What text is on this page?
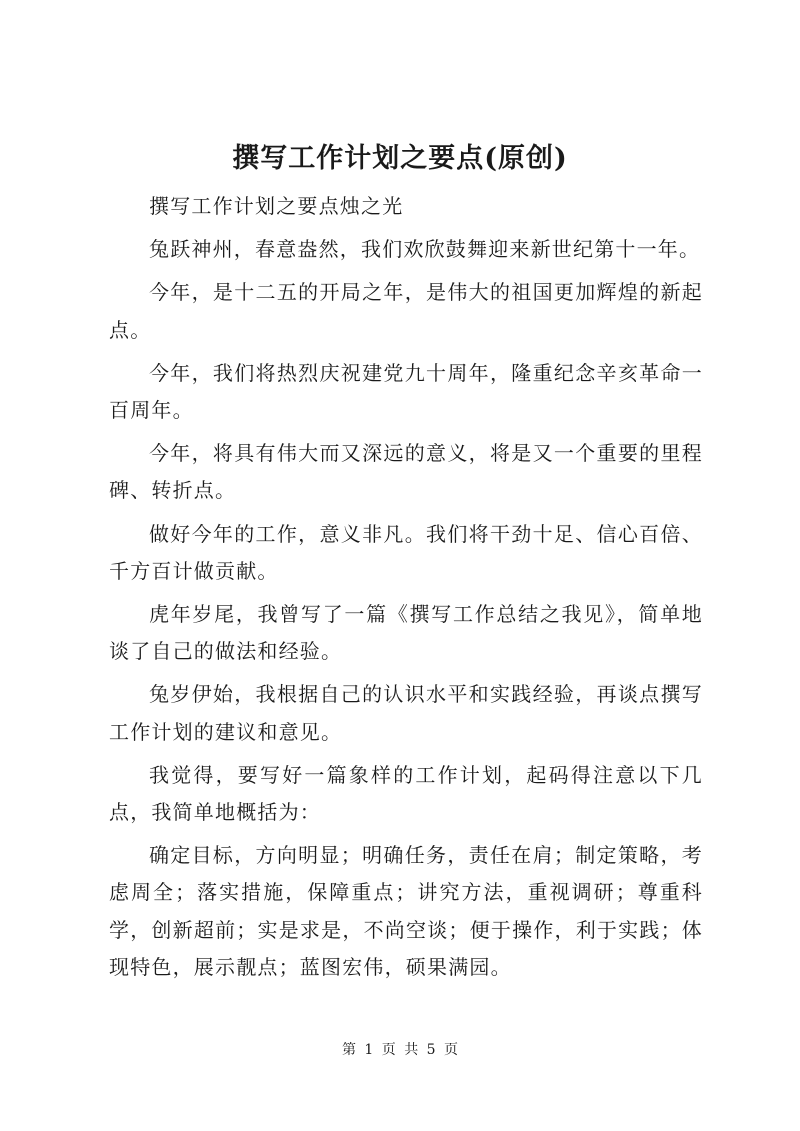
撰写工作计划之要点(原创)

撰写工作计划之要点烛之光

兔跃神州，春意盎然，我们欢欣鼓舞迎来新世纪第十一年。

今年，是十二五的开局之年，是伟大的祖国更加辉煌的新起点。

今年，我们将热烈庆祝建党九十周年，隆重纪念辛亥革命一百周年。

今年，将具有伟大而又深远的意义，将是又一个重要的里程碑、转折点。

做好今年的工作，意义非凡。我们将干劲十足、信心百倍、千方百计做贡献。

虎年岁尾，我曾写了一篇《撰写工作总结之我见》，简单地谈了自己的做法和经验。

兔岁伊始，我根据自己的认识水平和实践经验，再谈点撰写工作计划的建议和意见。

我觉得，要写好一篇象样的工作计划，起码得注意以下几点，我简单地概括为：

确定目标，方向明显；明确任务，责任在肩；制定策略，考虑周全；落实措施，保障重点；讲究方法，重视调研；尊重科学，创新超前；实是求是，不尚空谈；便于操作，利于实践；体现特色，展示靓点；蓝图宏伟，硕果满园。

第 1 页 共 5 页
